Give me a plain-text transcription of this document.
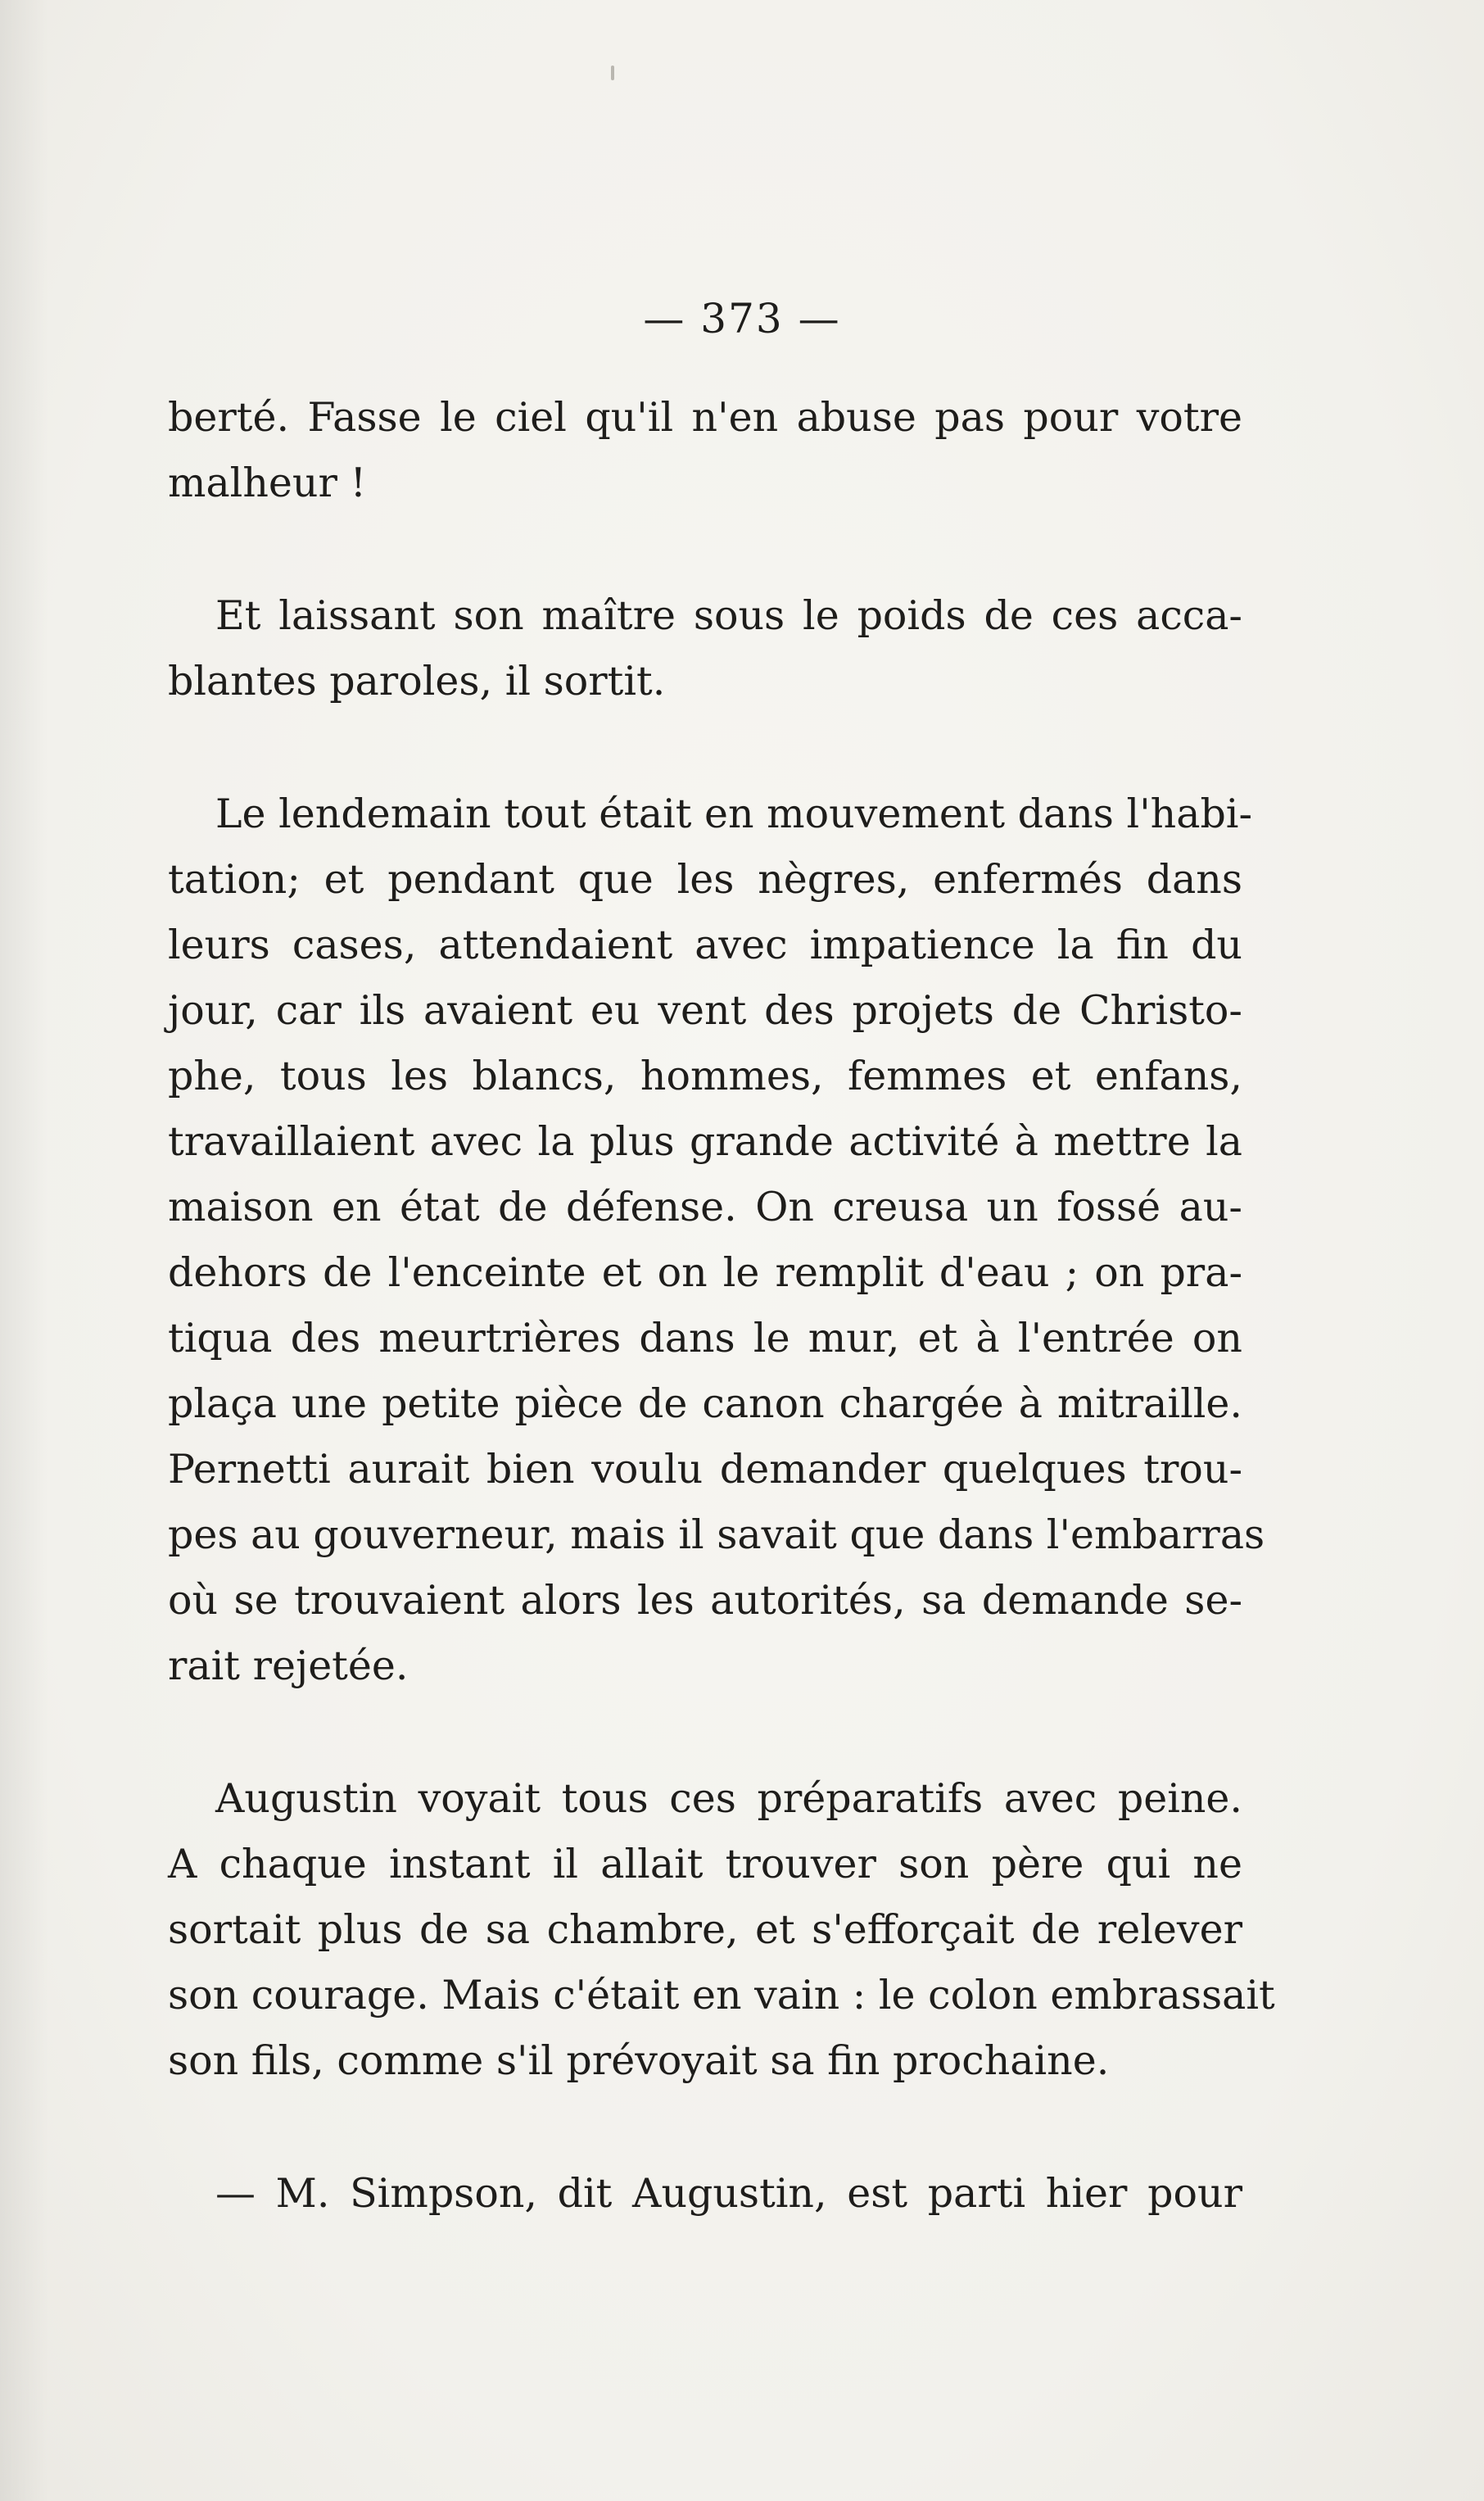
— 373 —
berté. Fasse le ciel qu'il n'en abuse pas pour votre
malheur !
Et laissant son maître sous le poids de ces acca-
blantes paroles, il sortit.
Le lendemain tout était en mouvement dans l'habi-
tation; et pendant que les nègres, enfermés dans
leurs cases, attendaient avec impatience la fin du
jour, car ils avaient eu vent des projets de Christo-
phe, tous les blancs, hommes, femmes et enfans,
travaillaient avec la plus grande activité à mettre la
maison en état de défense. On creusa un fossé au-
dehors de l'enceinte et on le remplit d'eau ; on pra-
tiqua des meurtrières dans le mur, et à l'entrée on
plaça une petite pièce de canon chargée à mitraille.
Pernetti aurait bien voulu demander quelques trou-
pes au gouverneur, mais il savait que dans l'embarras
où se trouvaient alors les autorités, sa demande se-
rait rejetée.
Augustin voyait tous ces préparatifs avec peine.
A chaque instant il allait trouver son père qui ne
sortait plus de sa chambre, et s'efforçait de relever
son courage. Mais c'était en vain : le colon embrassait
son fils, comme s'il prévoyait sa fin prochaine.
— M. Simpson, dit Augustin, est parti hier pour
